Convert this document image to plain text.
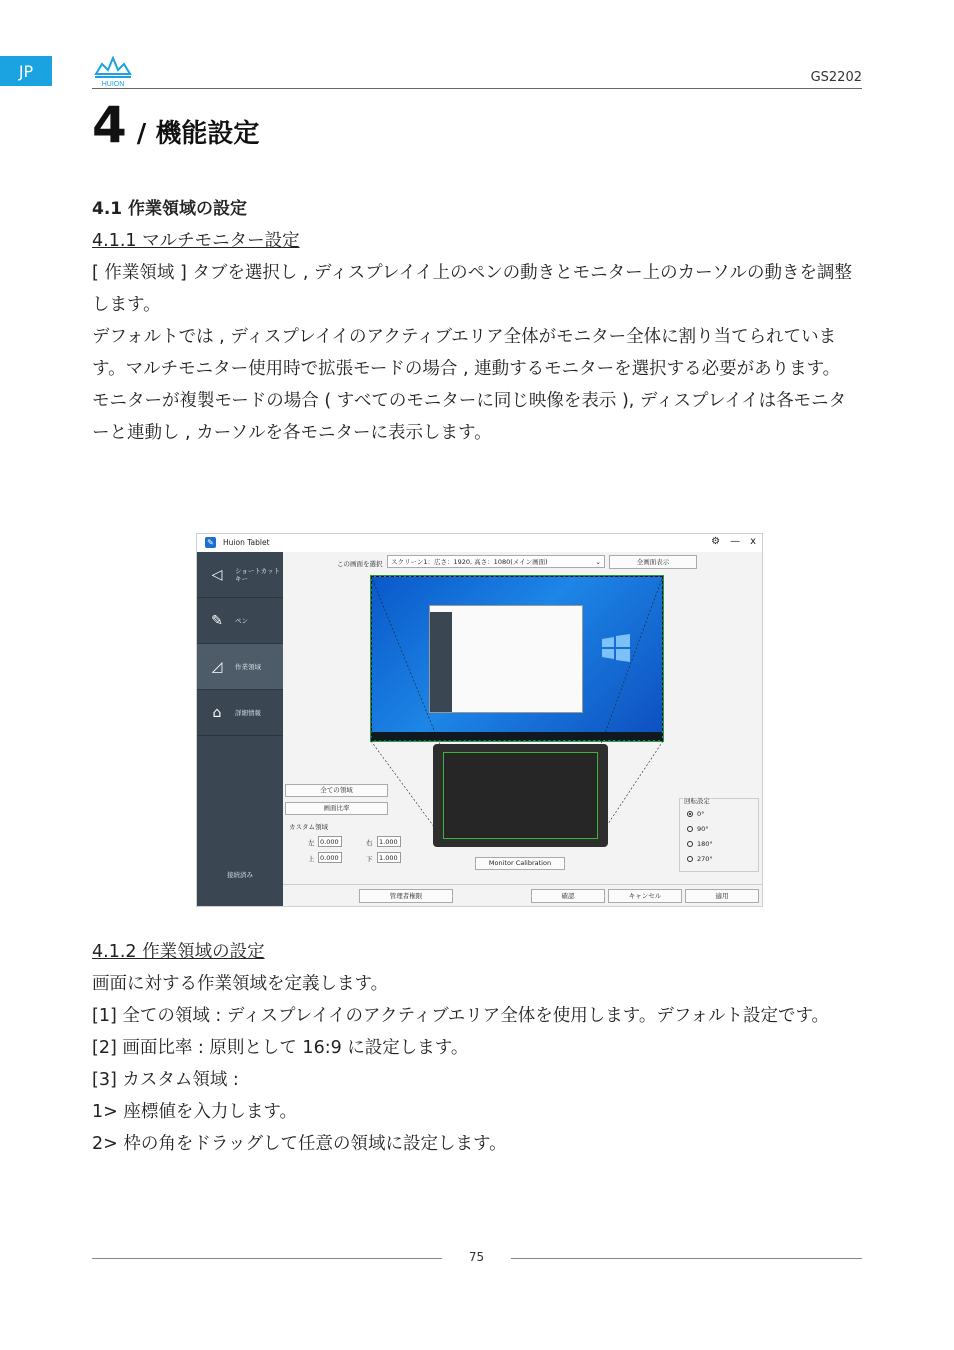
JP
HUION	GS2202
4 / 機能設定

4.1 作業領域の設定

4.1.1 マルチモニター設定

[ 作業領域 ] タブを選択し , ディスプレイイ上のペンの動きとモニター上のカーソルの動きを調整します。

デフォルトでは , ディスプレイイのアクティブエリア全体がモニター全体に割り当てられています。マルチモニター使用時で拡張モードの場合 , 連動するモニターを選択する必要があります。

モニターが複製モードの場合 ( すべてのモニターに同じ映像を表示 ), ディスプレイイは各モニターと連動し , カーソルを各モニターに表示します。

✎ Huion Tablet	⚙ — x
◁	ショートカットキー
✎	ペン
◿	作業領域
⌂	詳細情報
接続済み
この画面を選択	スクリーン1：広さ：1920, 高さ：1080(メイン画面)	⌄	全画面表示
全ての領域
画面比率
カスタム領域
左 0.000	右	1.000
上 0.000	下	1.000
Monitor Calibration
回転設定
0°
90°
180°
270°
管理者権限	確認	キャンセル	適用

4.1.2 作業領域の設定

画面に対する作業領域を定義します。

[1] 全ての領域 : ディスプレイイのアクティブエリア全体を使用します。デフォルト設定です。

[2] 画面比率 : 原則として 16:9 に設定します。

[3] カスタム領域 :

1> 座標値を入力します。

2> 枠の角をドラッグして任意の領域に設定します。

75
